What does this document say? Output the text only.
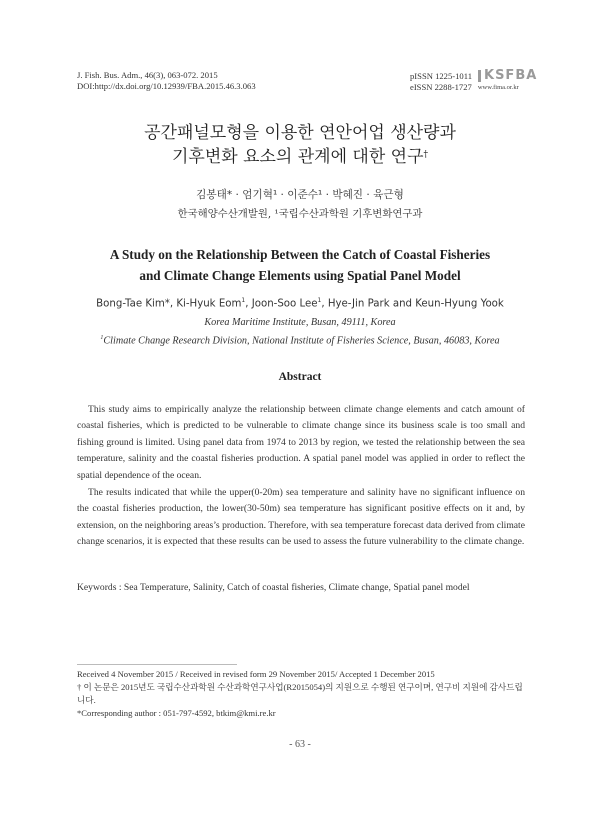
J. Fish. Bus. Adm., 46(3), 063-072. 2015
DOI:http://dx.doi.org/10.12939/FBA.2015.46.3.063
pISSN 1225-1011 KSFBA
eISSN 2288-1727 www.fima.or.kr
공간패널모형을 이용한 연안어업 생산량과
기후변화 요소의 관계에 대한 연구†
김봉태* · 엄기혁¹ · 이준수¹ · 박혜진 · 육근형
한국해양수산개발원, ¹국립수산과학원 기후변화연구과
A Study on the Relationship Between the Catch of Coastal Fisheries
and Climate Change Elements using Spatial Panel Model
Bong-Tae Kim*, Ki-Hyuk Eom$^1$, Joon-Soo Lee$^1$, Hye-Jin Park and Keun-Hyung Yook
Korea Maritime Institute, Busan, 49111, Korea
$^1$Climate Change Research Division, National Institute of Fisheries Science, Busan, 46083, Korea
Abstract

This study aims to empirically analyze the relationship between climate change elements and catch amount of coastal fisheries, which is predicted to be vulnerable to climate change since its business scale is too small and fishing ground is limited. Using panel data from 1974 to 2013 by region, we tested the relationship between the sea temperature, salinity and the coastal fisheries production. A spatial panel model was applied in order to reflect the spatial dependence of the ocean.

The results indicated that while the upper(0-20m) sea temperature and salinity have no significant influence on the coastal fisheries production, the lower(30-50m) sea temperature has significant positive effects on it and, by extension, on the neighboring areas’s production. Therefore, with sea temperature forecast data derived from climate change scenarios, it is expected that these results can be used to assess the future vulnerability to the climate change.

Keywords : Sea Temperature, Salinity, Catch of coastal fisheries, Climate change, Spatial panel model
Received 4 November 2015 / Received in revised form 29 November 2015/ Accepted 1 December 2015
† 이 논문은 2015년도 국립수산과학원 수산과학연구사업(R2015054)의 지원으로 수행된 연구이며, 연구비 지원에 감사드립니다.
*Corresponding author : 051-797-4592, btkim@kmi.re.kr
- 63 -
